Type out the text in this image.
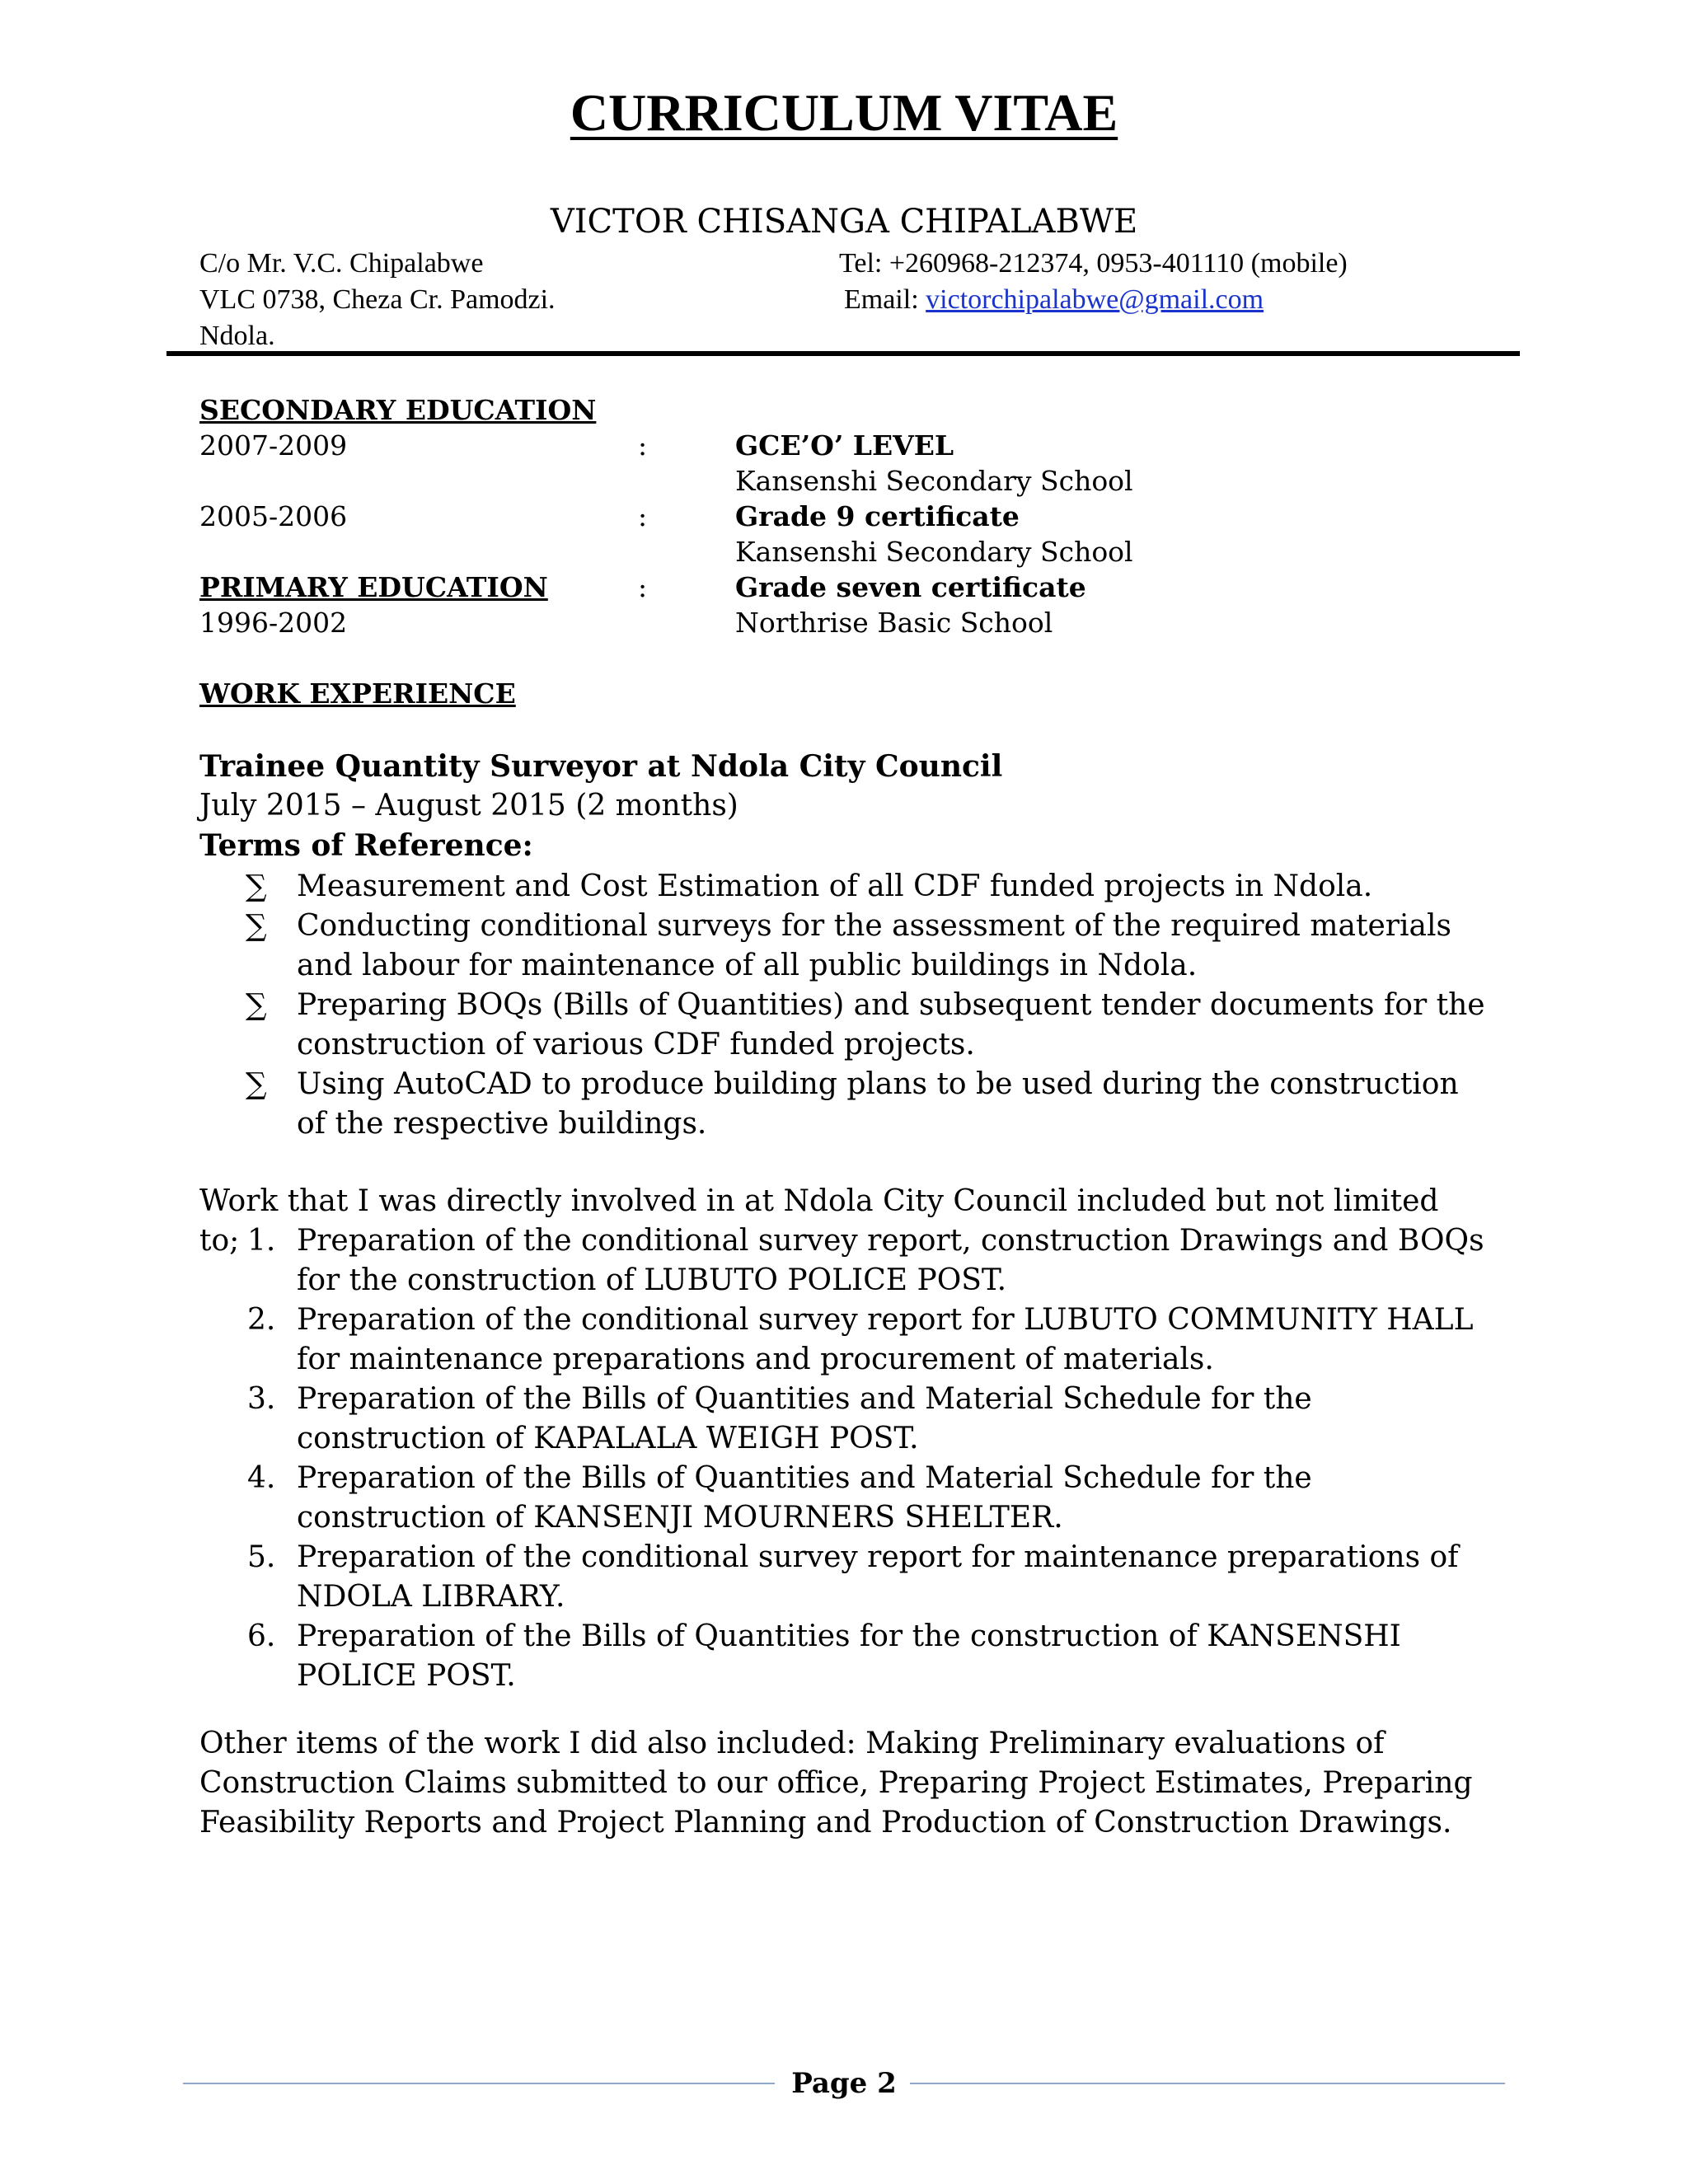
CURRICULUM VITAE
VICTOR CHISANGA CHIPALABWE
C/o Mr. V.C. Chipalabwe
VLC 0738, Cheza Cr. Pamodzi.
Ndola.
Tel: +260968-212374, 0953-401110 (mobile)
Email: victorchipalabwe@gmail.com
SECONDARY EDUCATION
2007-2009	:	GCE’O’ LEVEL
Kansenshi Secondary School
2005-2006	:	Grade 9 certificate
Kansenshi Secondary School
PRIMARY EDUCATION	:	Grade seven certificate
1996-2002	Northrise Basic School
WORK EXPERIENCE
Trainee Quantity Surveyor at Ndola City Council
July 2015 – August 2015 (2 months)
Terms of Reference:
∑	Measurement and Cost Estimation of all CDF funded projects in Ndola.
∑	Conducting conditional surveys for the assessment of the required materials and labour for maintenance of all public buildings in Ndola.
∑	Preparing BOQs (Bills of Quantities) and subsequent tender documents for the construction of various CDF funded projects.
∑	Using AutoCAD to produce building plans to be used during the construction of the respective buildings.
Work that I was directly involved in at Ndola City Council included but not limited to; 1. Preparation of the conditional survey report, construction Drawings and BOQs for the construction of LUBUTO POLICE POST.
2. Preparation of the conditional survey report for LUBUTO COMMUNITY HALL for maintenance preparations and procurement of materials.
3. Preparation of the Bills of Quantities and Material Schedule for the construction of KAPALALA WEIGH POST.
4. Preparation of the Bills of Quantities and Material Schedule for the construction of KANSENJI MOURNERS SHELTER.
5. Preparation of the conditional survey report for maintenance preparations of NDOLA LIBRARY.
6. Preparation of the Bills of Quantities for the construction of KANSENSHI POLICE POST.
Other items of the work I did also included: Making Preliminary evaluations of Construction Claims submitted to our office, Preparing Project Estimates, Preparing Feasibility Reports and Project Planning and Production of Construction Drawings.
Page 2
